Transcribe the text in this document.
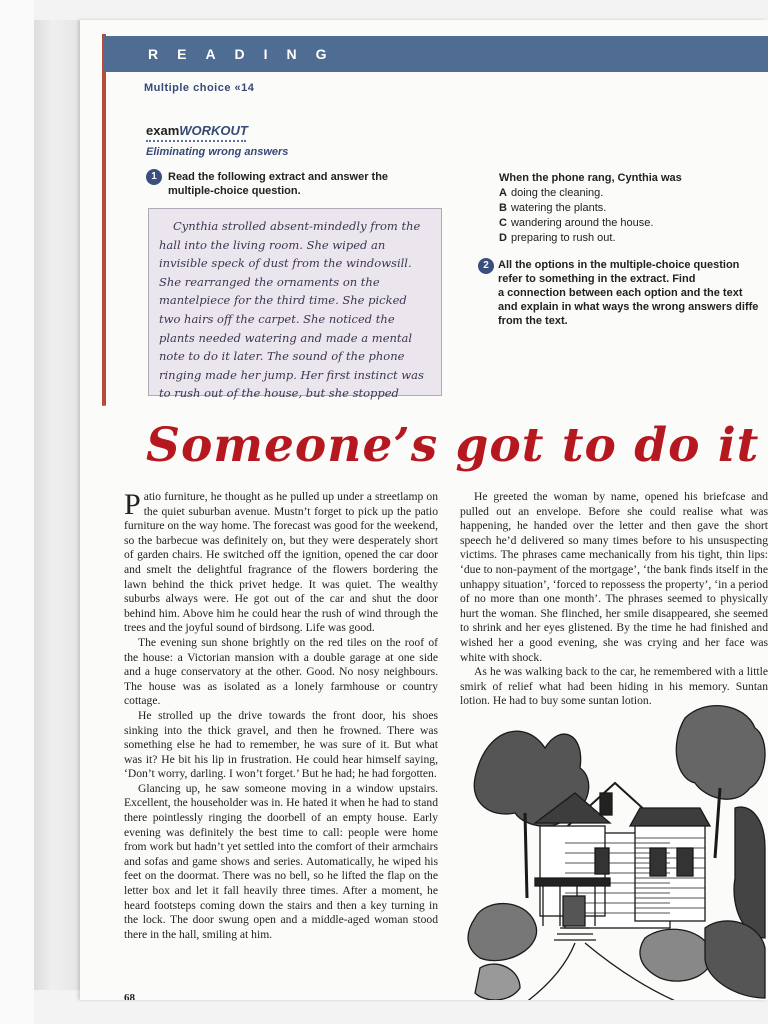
READING
Multiple choice «14
examWORKOUT
Eliminating wrong answers
1	Read the following extract and answer the multiple-choice question.
Cynthia strolled absent-mindedly from the hall into the living room. She wiped an invisible speck of dust from the windowsill. She rearranged the ornaments on the mantelpiece for the third time. She picked two hairs off the carpet. She noticed the plants needed watering and made a mental note to do it later. The sound of the phone ringing made her jump. Her first instinct was to rush out of the house, but she stopped
When the phone rang, Cynthia was
A doing the cleaning.
B watering the plants.
C wandering around the house.
D preparing to rush out.
2 All the options in the multiple-choice question
refer to something in the extract. Find
a connection between each option and the text
and explain in what ways the wrong answers diffe
from the text.
Someone’s got to do it

Patio furniture, he thought as he pulled up under a streetlamp on the quiet suburban avenue. Mustn’t forget to pick up the patio furniture on the way home. The forecast was good for the weekend, so the barbecue was definitely on, but they were desperately short of garden chairs. He switched off the ignition, opened the car door and smelt the delightful fragrance of the flowers bordering the lawn behind the thick privet hedge. It was quiet. The wealthy suburbs always were. He got out of the car and shut the door behind him. Above him he could hear the rush of wind through the trees and the joyful sound of birdsong. Life was good.

The evening sun shone brightly on the red tiles on the roof of the house: a Victorian mansion with a double garage at one side and a huge conservatory at the other. Good. No nosy neighbours. The house was as isolated as a lonely farmhouse or country cottage.

He strolled up the drive towards the front door, his shoes sinking into the thick gravel, and then he frowned. There was something else he had to remember, he was sure of it. But what was it? He bit his lip in frustration. He could hear himself saying, ‘Don’t worry, darling. I won’t forget.’ But he had; he had forgotten.

Glancing up, he saw someone moving in a window upstairs. Excellent, the householder was in. He hated it when he had to stand there pointlessly ringing the doorbell of an empty house. Early evening was definitely the best time to call: people were home from work but hadn’t yet settled into the comfort of their armchairs and sofas and game shows and series. Automatically, he wiped his feet on the doormat. There was no bell, so he lifted the flap on the letter box and let it fall heavily three times. After a moment, he heard footsteps coming down the stairs and then a key turning in the lock. The door swung open and a middle-aged woman stood there in the hall, smiling at him.

He greeted the woman by name, opened his briefcase and pulled out an envelope. Before she could realise what was happening, he handed over the letter and then gave the short speech he’d delivered so many times before to his unsuspecting victims. The phrases came mechanically from his tight, thin lips: ‘due to non-payment of the mortgage’, ‘the bank finds itself in the unhappy situation’, ‘forced to repossess the property’, ‘in a period of no more than one month’. The phrases seemed to physically hurt the woman. She flinched, her smile disappeared, she seemed to shrink and her eyes glistened. By the time he had finished and wished her a good evening, she was crying and her face was white with shock.

As he was walking back to the car, he remembered with a little smirk of relief what had been hiding in his memory. Suntan lotion. He had to buy some suntan lotion.

68
